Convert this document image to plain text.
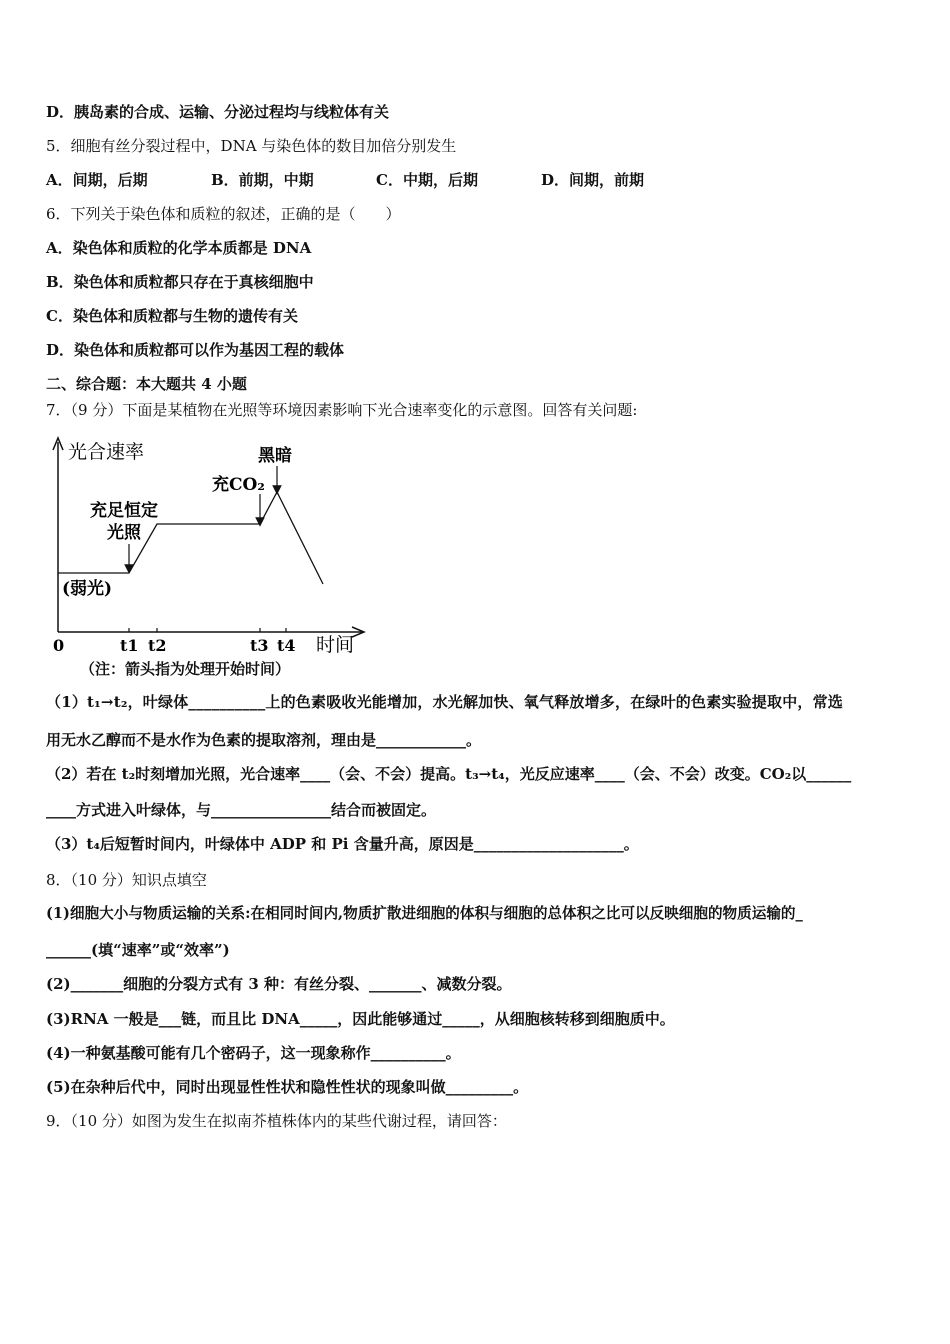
D．胰岛素的合成、运输、分泌过程均与线粒体有关
5．细胞有丝分裂过程中，DNA 与染色体的数目加倍分别发生
A．间期，后期	B．前期，中期	C．中期，后期	D．间期，前期
6．下列关于染色体和质粒的叙述，正确的是（　　）
A．染色体和质粒的化学本质都是 DNA
B．染色体和质粒都只存在于真核细胞中
C．染色体和质粒都与生物的遗传有关
D．染色体和质粒都可以作为基因工程的载体
二、综合题：本大题共 4 小题
7．（9 分）下面是某植物在光照等环境因素影响下光合速率变化的示意图。回答有关问题:
光合速率
时间
0	t1 t2	t3 t4
(弱光)
充足恒定
光照
充CO₂
黑暗
（注：箭头指为处理开始时间）
（1）t₁→t₂，叶绿体__________上的色素吸收光能增加，水光解加快、氧气释放增多，在绿叶的色素实验提取中，常选
用无水乙醇而不是水作为色素的提取溶剂，理由是____________。
（2）若在 t₂时刻增加光照，光合速率____（会、不会）提高。t₃→t₄，光反应速率____（会、不会）改变。CO₂以______
____方式进入叶绿体，与________________结合而被固定。
（3）t₄后短暂时间内，叶绿体中 ADP 和 Pi 含量升高，原因是____________________。
8．（10 分）知识点填空
(1)细胞大小与物质运输的关系:在相同时间内,物质扩散进细胞的体积与细胞的总体积之比可以反映细胞的物质运输的_
______(填“速率”或“效率”)
(2)_______细胞的分裂方式有 3 种：有丝分裂、_______、减数分裂。
(3)RNA 一般是___链，而且比 DNA_____，因此能够通过_____，从细胞核转移到细胞质中。
(4)一种氨基酸可能有几个密码子，这一现象称作__________。
(5)在杂种后代中，同时出现显性性状和隐性性状的现象叫做_________。
9．（10 分）如图为发生在拟南芥植株体内的某些代谢过程，请回答：
